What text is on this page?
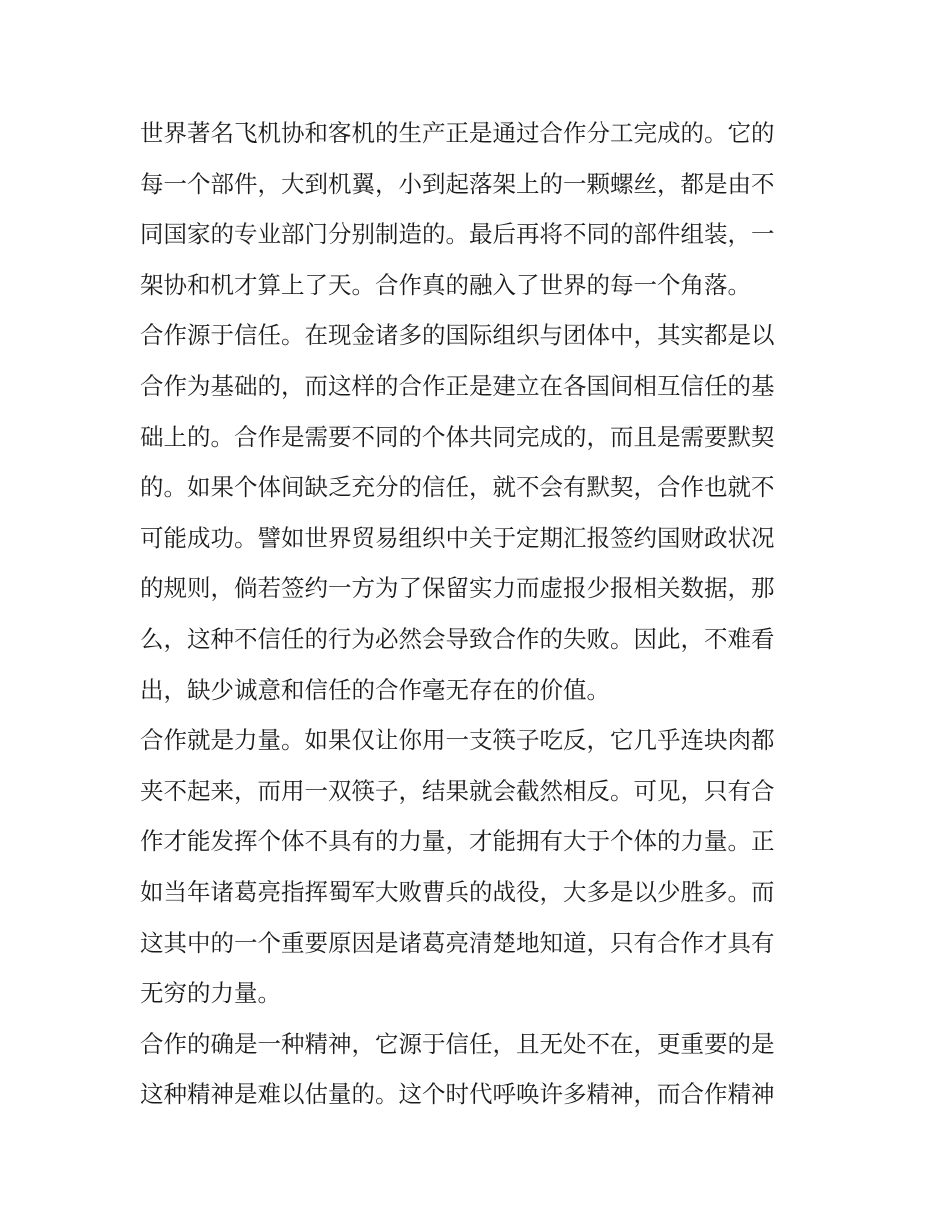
世界著名飞机协和客机的生产正是通过合作分工完成的。它的
每一个部件，大到机翼，小到起落架上的一颗螺丝，都是由不
同国家的专业部门分别制造的。最后再将不同的部件组装，一
架协和机才算上了天。合作真的融入了世界的每一个角落。
合作源于信任。在现金诸多的国际组织与团体中，其实都是以
合作为基础的，而这样的合作正是建立在各国间相互信任的基
础上的。合作是需要不同的个体共同完成的，而且是需要默契
的。如果个体间缺乏充分的信任，就不会有默契，合作也就不
可能成功。譬如世界贸易组织中关于定期汇报签约国财政状况
的规则，倘若签约一方为了保留实力而虚报少报相关数据，那
么，这种不信任的行为必然会导致合作的失败。因此，不难看
出，缺少诚意和信任的合作毫无存在的价值。
合作就是力量。如果仅让你用一支筷子吃反，它几乎连块肉都
夹不起来，而用一双筷子，结果就会截然相反。可见，只有合
作才能发挥个体不具有的力量，才能拥有大于个体的力量。正
如当年诸葛亮指挥蜀军大败曹兵的战役，大多是以少胜多。而
这其中的一个重要原因是诸葛亮清楚地知道，只有合作才具有
无穷的力量。
合作的确是一种精神，它源于信任，且无处不在，更重要的是
这种精神是难以估量的。这个时代呼唤许多精神，而合作精神
